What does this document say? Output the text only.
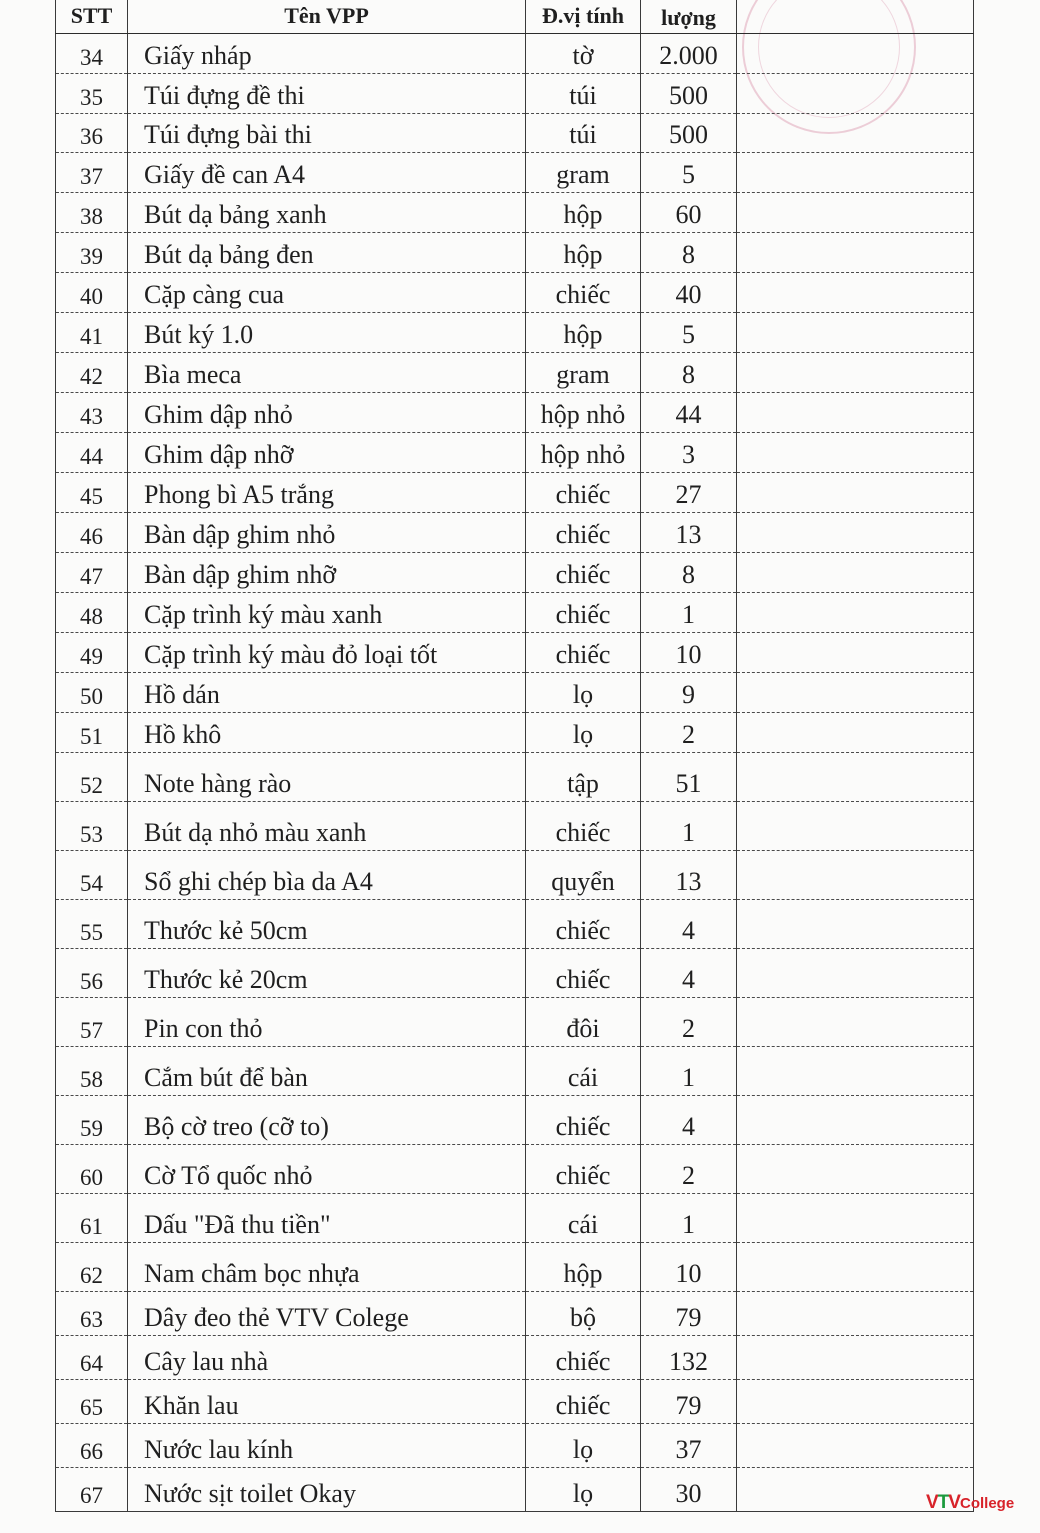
STT	Tên VPP	Đ.vị tính	lượng	

34	Giấy nháp	tờ	2.000	
35	Túi đựng đề thi	túi	500	
36	Túi đựng bài thi	túi	500	
37	Giấy đề can A4	gram	5	
38	Bút dạ bảng xanh	hộp	60	
39	Bút dạ bảng đen	hộp	8	
40	Cặp càng cua	chiếc	40	
41	Bút ký 1.0	hộp	5	
42	Bìa meca	gram	8	
43	Ghim dập nhỏ	hộp nhỏ	44	
44	Ghim dập nhỡ	hộp nhỏ	3	
45	Phong bì A5 trắng	chiếc	27	
46	Bàn dập ghim nhỏ	chiếc	13	
47	Bàn dập ghim nhỡ	chiếc	8	
48	Cặp trình ký màu xanh	chiếc	1	
49	Cặp trình ký màu đỏ loại tốt	chiếc	10	
50	Hồ dán	lọ	9	
51	Hồ khô	lọ	2	
52	Note hàng rào	tập	51	
53	Bút dạ nhỏ màu xanh	chiếc	1	
54	Sổ ghi chép bìa da A4	quyển	13	
55	Thước kẻ 50cm	chiếc	4	
56	Thước kẻ 20cm	chiếc	4	
57	Pin con thỏ	đôi	2	
58	Cắm bút để bàn	cái	1	
59	Bộ cờ treo (cỡ to)	chiếc	4	
60	Cờ Tổ quốc nhỏ	chiếc	2	
61	Dấu "Đã thu tiền"	cái	1	
62	Nam châm bọc nhựa	hộp	10	
63	Dây đeo thẻ VTV Colege	bộ	79	
64	Cây lau nhà	chiếc	132	
65	Khăn lau	chiếc	79	
66	Nước lau kính	lọ	37	
67	Nước sịt toilet Okay	lọ	30		VTVCollege
